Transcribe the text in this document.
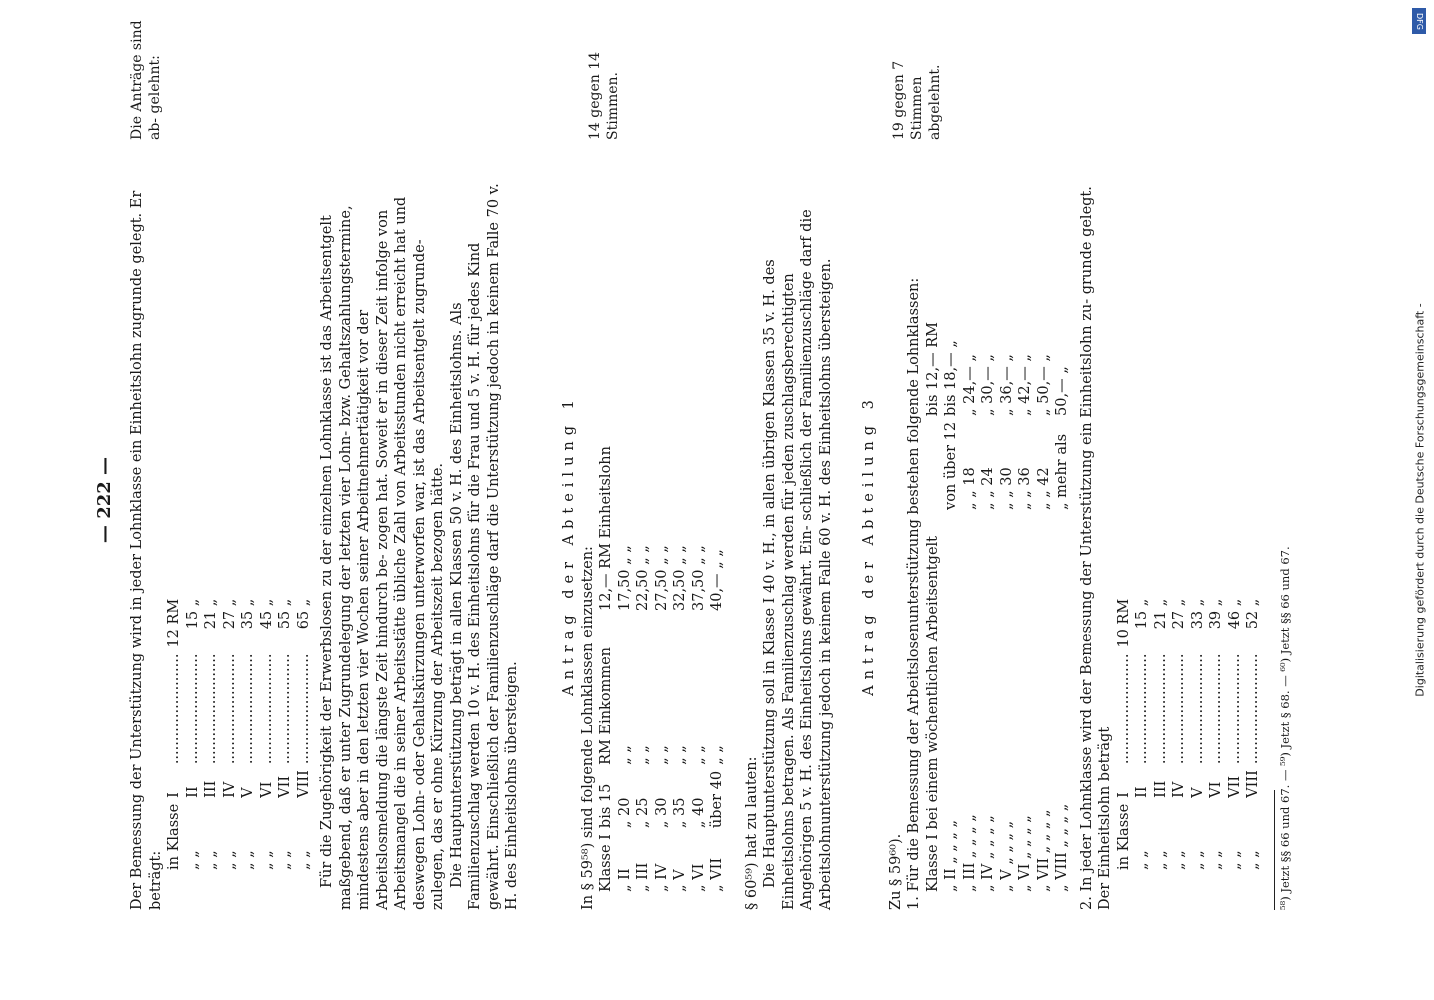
— 222 — Der Bemessung der Unterstützung wird in jeder Lohnklasse ein Einheitslohn zugrunde gelegt. Er beträgt:

in Klasse	I	........................	12 RM
„ „	II	........................	15 „
„ „	III	........................	21 „
„ „	IV	........................	27 „
„ „	V	........................	35 „
„ „	VI	........................	45 „
„ „	VII	........................	55 „
„ „	VIII	........................	65 „ Für die Zugehörigkeit der Erwerbslosen zu der einzelnen Lohnklasse ist das Arbeitsentgelt maßgebend, daß er unter Zugrundelegung der letzten vier Lohn- bzw. Gehaltszahlungstermine, mindestens aber in den letzten vier Wochen seiner Arbeitnehmertätigkeit vor der Arbeitslosmeldung die längste Zeit hindurch be- zogen hat. Soweit er in dieser Zeit infolge von Arbeitsmangel die in seiner Arbeitsstätte übliche Zahl von Arbeitsstunden nicht erreicht hat und deswegen Lohn- oder Gehaltskürzungen unterworfen war, ist das Arbeitsentgelt zugrunde- zulegen, das er ohne Kürzung der Arbeitszeit bezogen hätte. Die Hauptunterstützung beträgt in allen Klassen 50 v. H. des Einheitslohns. Als Familienzuschlag werden 10 v. H. des Einheitslohns für die Frau und 5 v. H. für jedes Kind gewährt. Einschließlich der Familienzuschläge darf die Unterstützung jedoch in keinem Falle 70 v. H. des Einheitslohns übersteigen.

Antrag der Abteilung 1

In § 59⁵⁸) sind folgende Lohnklassen einzusetzen: Klasse I	bis 15	RM Einkommen	12,— RM Einheitslohn
„ II	„ 20	„ „	17,50 „ „
„ III	„ 25	„ „	22,50 „ „
„ IV	„ 30	„ „	27,50 „ „
„ V	„ 35	„ „	32,50 „ „
„ VI	„ 40	„ „	37,50 „ „
„ VII	über 40	„ „	40,— „ „

§ 60⁵⁹) hat zu lauten: Die Hauptunterstützung soll in Klasse I 40 v. H., in allen übrigen Klassen 35 v. H. des Einheitslohns betragen. Als Familienzuschlag werden für jeden zuschlagsberechtigten Angehörigen 5 v. H. des Einheitslohns gewährt. Ein- schließlich der Familienzuschläge darf die Arbeitslohnunterstützung jedoch in keinem Falle 60 v. H. des Einheitslohns übersteigen. Antrag der Abteilung 3

Zu § 59⁶⁰). 1. Für die Bemessung der Arbeitslosenunterstützung bestehen folgende Lohnklassen: Klasse I bei einem wöchentlichen Arbeitsentgelt		bis 12,— RM
„ II „ „ „ „	von über 12	bis 18,— „
„ III „ „ „ „	„ „ 18	„ 24,— „
„ IV „ „ „ „	„ „ 24	„ 30,— „
„ V „ „ „ „	„ „ 30	„ 36,— „
„ VI „ „ „ „	„ „ 36	„ 42,— „
„ VII „ „ „ „	„ „ 42	„ 50,— „
„ VIII „ „ „ „	„ mehr als	50,— „ 2. In jeder Lohnklasse wird der Bemessung der Unterstützung ein Einheitslohn zu- grunde gelegt. Der Einheitslohn beträgt in Klasse	I	........................	10 RM
„ „	II	........................	15 „
„ „	III	........................	21 „
„ „	IV	........................	27 „
„ „	V	........................	33 „
„ „	VI	........................	39 „
„ „	VII	........................	46 „
„ „	VIII	........................	52 „ ⁵⁸) Jetzt §§ 66 und 67. — ⁵⁹) Jetzt § 68. — ⁶⁰) Jetzt §§ 66 und 67.

Die Anträge sind ab- gelehnt:	14 gegen 14 Stimmen.	19 gegen 7 Stimmen abgelehnt.
DFG
Digitalisierung gefördert durch die Deutsche Forschungsgemeinschaft -
